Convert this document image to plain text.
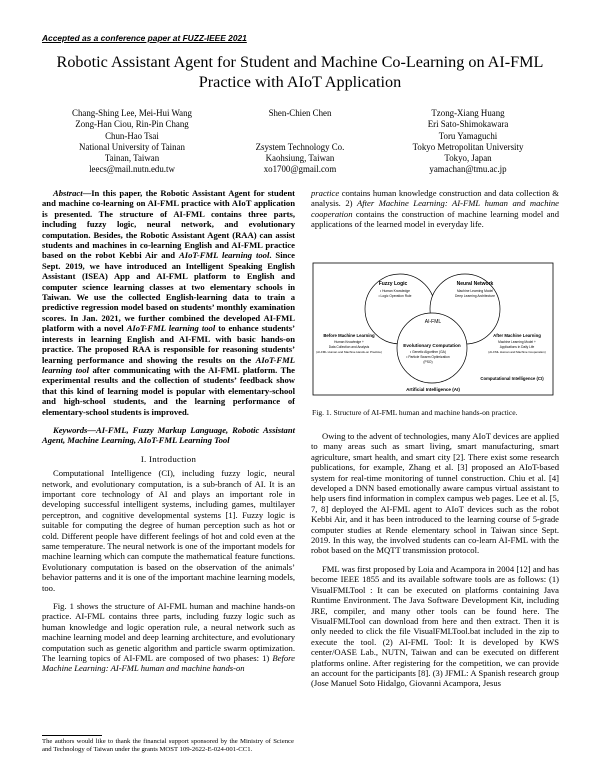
Accepted as a conference paper at FUZZ-IEEE 2021
Robotic Assistant Agent for Student and Machine Co-Learning on AI-FML
Practice with AIoT Application
Chang-Shing Lee, Mei-Hui Wang
Zong-Han Ciou, Rin-Pin Chang
Chun-Hao Tsai
National University of Tainan
Tainan, Taiwan
leecs@mail.nutn.edu.tw
Shen-Chien Chen
Zsystem Technology Co.
Kaohsiung, Taiwan
xo1700@gmail.com
Tzong-Xiang Huang
Eri Sato-Shimokawara
Toru Yamaguchi
Tokyo Metropolitan University
Tokyo, Japan
yamachan@tmu.ac.jp

Abstract—In this paper, the Robotic Assistant Agent for student and machine co-learning on AI-FML practice with AIoT application is presented. The structure of AI-FML contains three parts, including fuzzy logic, neural network, and evolutionary computation. Besides, the Robotic Assistant Agent (RAA) can assist students and machines in co-learning English and AI-FML practice based on the robot Kebbi Air and AIoT-FML learning tool. Since Sept. 2019, we have introduced an Intelligent Speaking English Assistant (ISEA) App and AI-FML platform to English and computer science learning classes at two elementary schools in Taiwan. We use the collected English-learning data to train a predictive regression model based on students’ monthly examination scores. In Jan. 2021, we further combined the developed AI-FML platform with a novel AIoT-FML learning tool to enhance students’ interests in learning English and AI-FML with basic hands-on practice. The proposed RAA is responsible for reasoning students’ learning performance and showing the results on the AIoT-FML learning tool after communicating with the AI-FML platform. The experimental results and the collection of students’ feedback show that this kind of learning model is popular with elementary-school and high-school students, and the learning performance of elementary-school students is improved.

Keywords—AI-FML, Fuzzy Markup Language, Robotic Assistant Agent, Machine Learning, AIoT-FML Learning Tool

I. Introduction

Computational Intelligence (CI), including fuzzy logic, neural network, and evolutionary computation, is a sub-branch of AI. It is an important core technology of AI and plays an important role in developing successful intelligent systems, including games, multilayer perceptron, and cognitive developmental systems [1]. Fuzzy logic is suitable for computing the degree of human perception such as hot or cold. Different people have different feelings of hot and cold even at the same temperature. The neural network is one of the important models for machine learning which can compute the mathematical feature functions. Evolutionary computation is based on the observation of the animals’ behavior patterns and it is one of the important machine learning models, too.

Fig. 1 shows the structure of AI-FML human and machine hands-on practice. AI-FML contains three parts, including fuzzy logic such as human knowledge and logic operation rule, a neural network such as machine learning model and deep learning architecture, and evolutionary computation such as genetic algorithm and particle swarm optimization. The learning topics of AI-FML are composed of two phases: 1) Before Machine Learning: AI-FML human and machine hands-on

The authors would like to thank the financial support sponsored by the Ministry of Science and Technology of Taiwan under the grants MOST 109-2622-E-024-001-CC1.

practice contains human knowledge construction and data collection & analysis. 2) After Machine Learning: AI-FML human and machine cooperation contains the construction of machine learning model and applications of the learned model in everyday life.

Fuzzy Logic
• Human Knowledge
• Logic Operation Rule
Neural Network
Machine Learning Model
Deep Learning Architecture
AI-FML
Before Machine Learning
Human Knowledge +
Data Collection and Analysis
(AI-FML Human and Machine Hands-on Practice)
Evolutionary Computation
• Genetic Algorithm (GA)
• Particle Swarm Optimization
(PSO)
After Machine Learning
Machine Learning Model +
Applications in Daily Life
(AI-FML Human and Machine Cooperation)
Computational Intelligence (CI)
Artificial Intelligence (AI)
Fig. 1. Structure of AI-FML human and machine hands-on practice.

Owing to the advent of technologies, many AIoT devices are applied to many areas such as smart living, smart manufacturing, smart agriculture, smart health, and smart city [2]. There exist some research publications, for example, Zhang et al. [3] proposed an AIoT-based system for real-time monitoring of tunnel construction. Chiu et al. [4] developed a DNN based emotionally aware campus virtual assistant to help users find information in complex campus web pages. Lee et al. [5, 7, 8] deployed the AI-FML agent to AIoT devices such as the robot Kebbi Air, and it has been introduced to the learning course of 5-grade computer studies at Rende elementary school in Taiwan since Sept. 2019. In this way, the involved students can co-learn AI-FML with the robot based on the MQTT transmission protocol.

FML was first proposed by Loia and Acampora in 2004 [12] and has become IEEE 1855 and its available software tools are as follows: (1) VisualFMLTool : It can be executed on platforms containing Java Runtime Environment. The Java Software Development Kit, including JRE, compiler, and many other tools can be found here. The VisualFMLTool can download from here and then extract. Then it is only needed to click the file VisualFMLTool.bat included in the zip to execute the tool. (2) AI-FML Tool: It is developed by KWS center/OASE Lab., NUTN, Taiwan and can be executed on different platforms online. After registering for the competition, we can provide an account for the participants [8]. (3) JFML: A Spanish research group (Jose Manuel Soto Hidalgo, Giovanni Acampora, Jesus
